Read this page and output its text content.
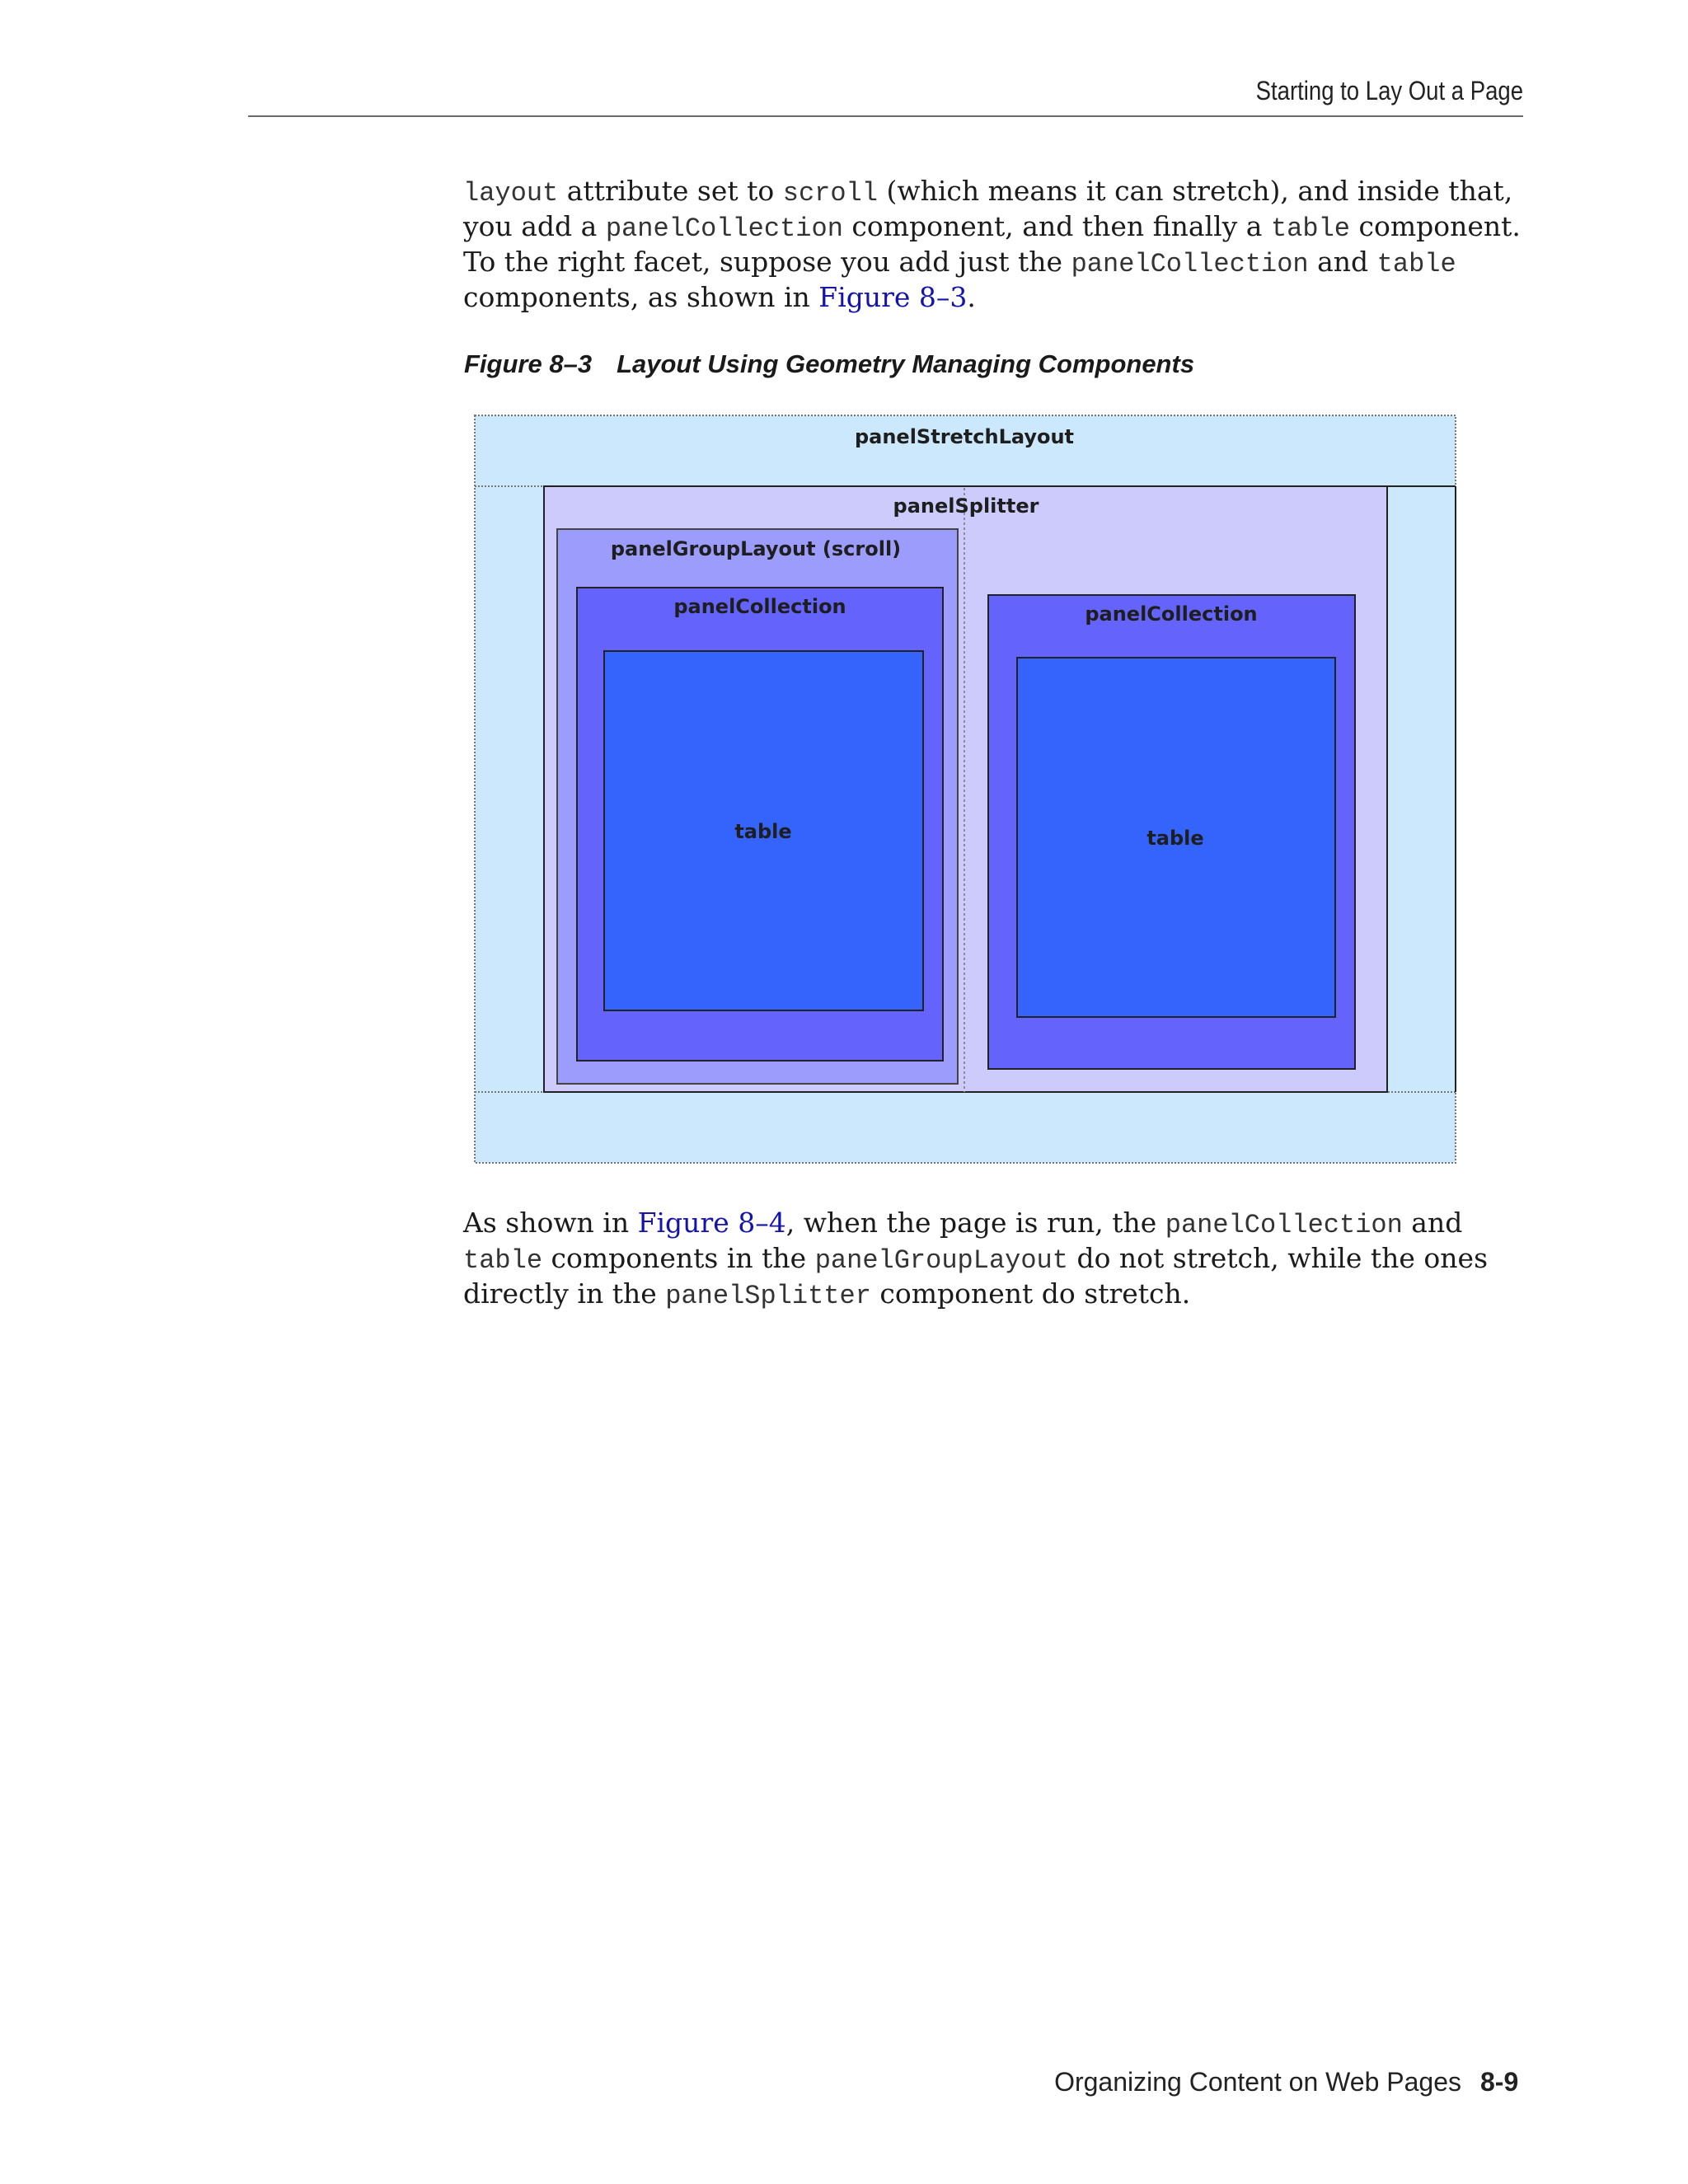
Starting to Lay Out a Page
layout attribute set to scroll (which means it can stretch), and inside that, you add a panelCollection component, and then finally a table component. To the right facet, suppose you add just the panelCollection and table components, as shown in Figure 8–3.
Figure 8–3 Layout Using Geometry Managing Components
panelStretchLayout
panelSplitter
panelGroupLayout (scroll)
panelCollection
table
panelCollection
table
As shown in Figure 8–4, when the page is run, the panelCollection and table components in the panelGroupLayout do not stretch, while the ones directly in the panelSplitter component do stretch.
Organizing Content on Web Pages 8-9
